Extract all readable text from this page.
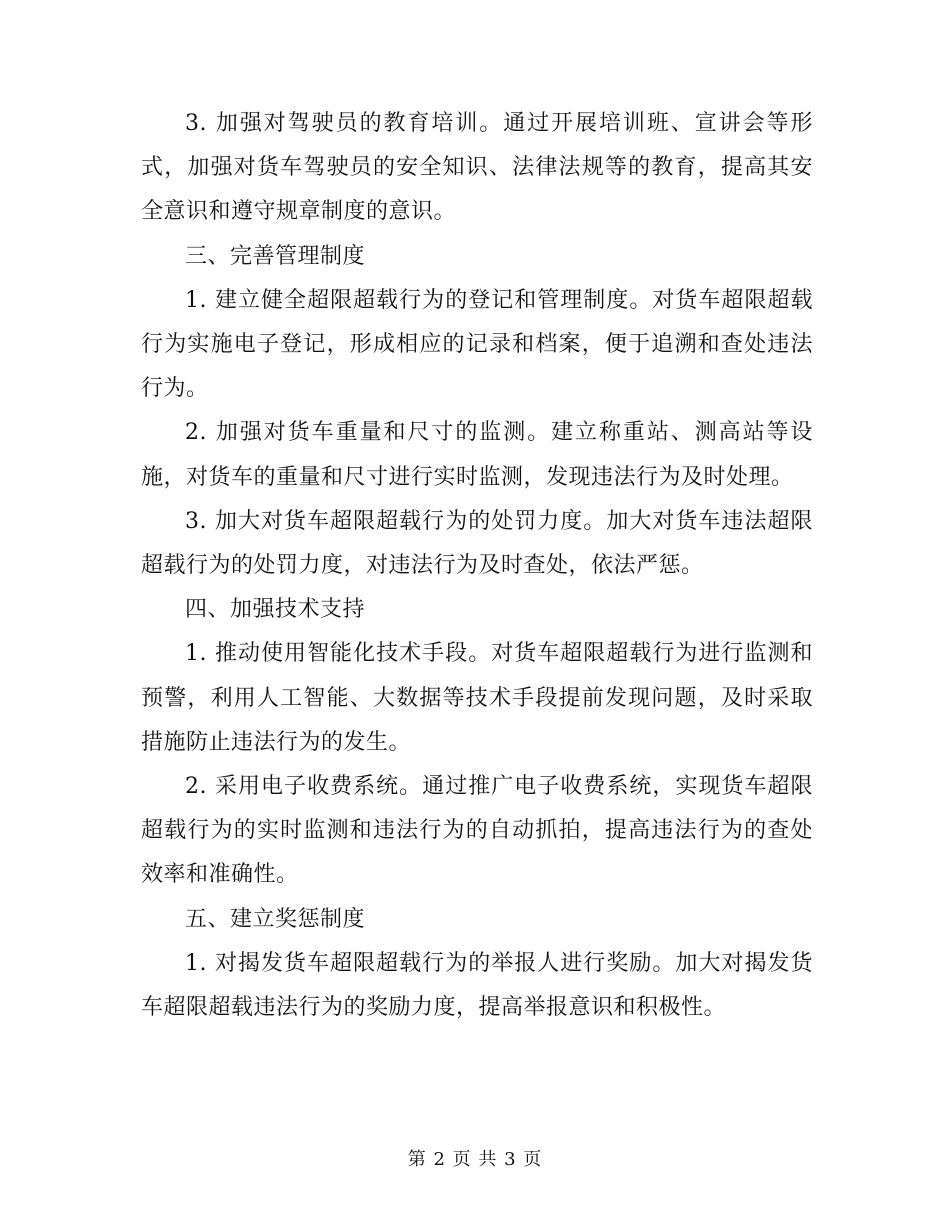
3. 加强对驾驶员的教育培训。通过开展培训班、宣讲会等形式，加强对货车驾驶员的安全知识、法律法规等的教育，提高其安全意识和遵守规章制度的意识。

三、完善管理制度

1. 建立健全超限超载行为的登记和管理制度。对货车超限超载行为实施电子登记，形成相应的记录和档案，便于追溯和查处违法行为。

2. 加强对货车重量和尺寸的监测。建立称重站、测高站等设施，对货车的重量和尺寸进行实时监测，发现违法行为及时处理。

3. 加大对货车超限超载行为的处罚力度。加大对货车违法超限超载行为的处罚力度，对违法行为及时查处，依法严惩。

四、加强技术支持

1. 推动使用智能化技术手段。对货车超限超载行为进行监测和预警，利用人工智能、大数据等技术手段提前发现问题，及时采取措施防止违法行为的发生。

2. 采用电子收费系统。通过推广电子收费系统，实现货车超限超载行为的实时监测和违法行为的自动抓拍，提高违法行为的查处效率和准确性。

五、建立奖惩制度

1. 对揭发货车超限超载行为的举报人进行奖励。加大对揭发货车超限超载违法行为的奖励力度，提高举报意识和积极性。

第 2 页 共 3 页
